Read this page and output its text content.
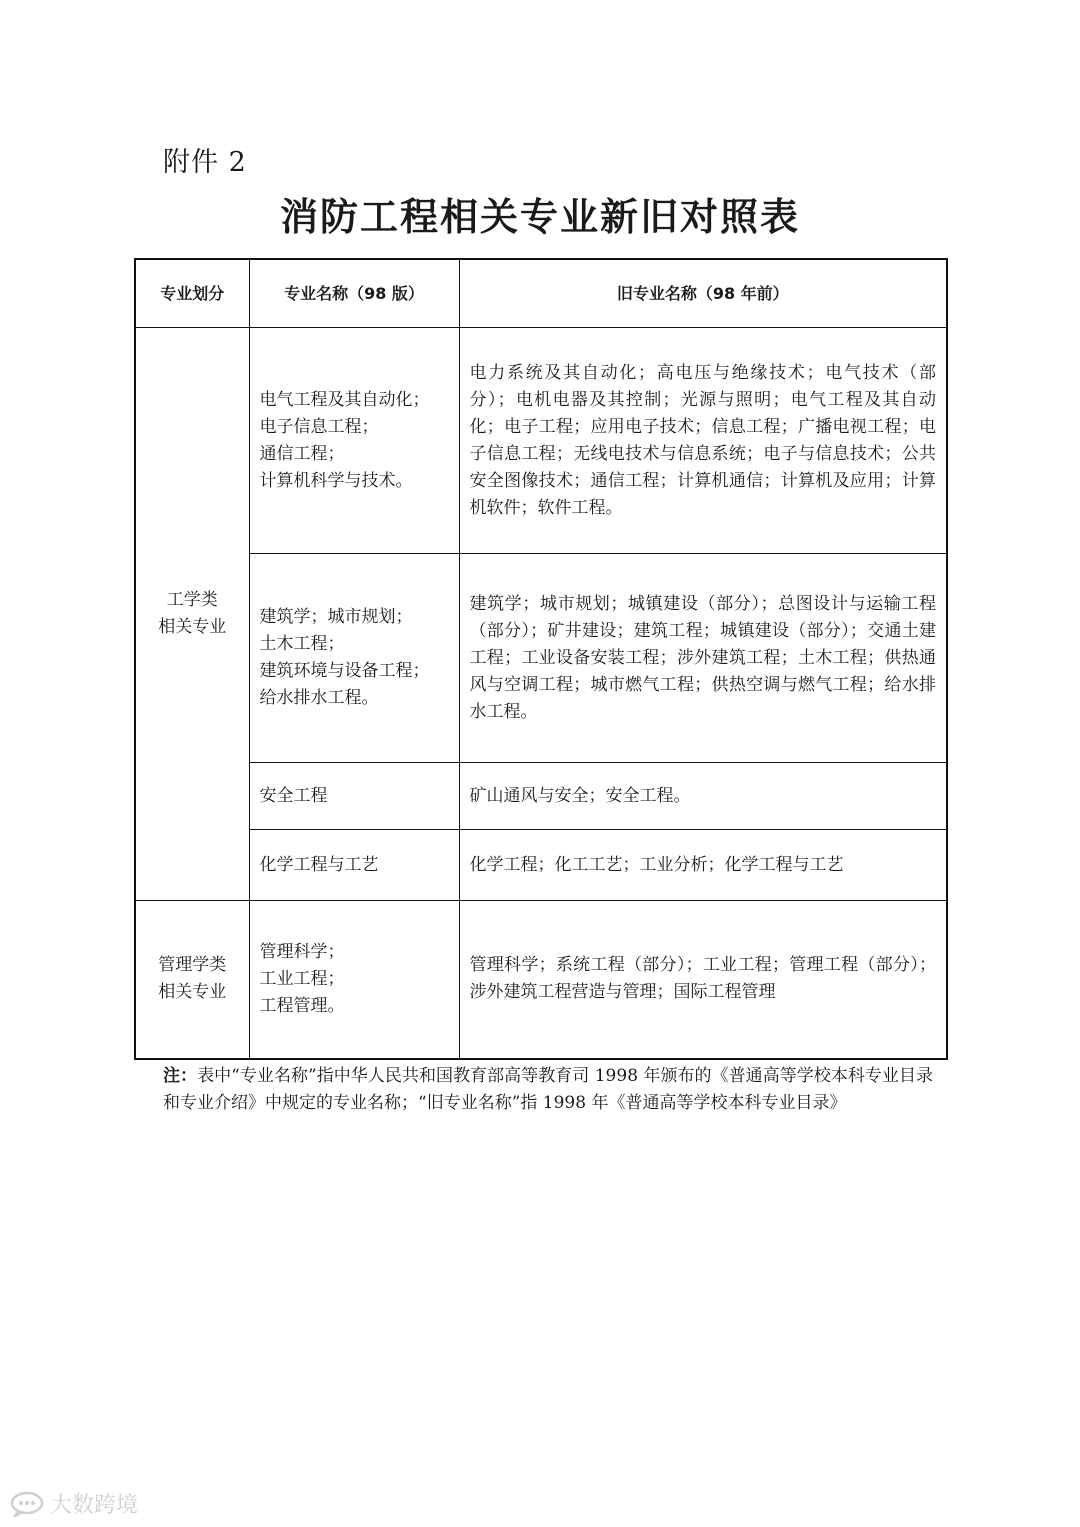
附件 2
消防工程相关专业新旧对照表
专业划分	专业名称（98 版）	旧专业名称（98 年前）

工学类
相关专业	电气工程及其自动化；
电子信息工程；
通信工程；
计算机科学与技术。	电力系统及其自动化；高电压与绝缘技术；电气技术（部分）；电机电器及其控制；光源与照明；电气工程及其自动化；电子工程；应用电子技术；信息工程；广播电视工程；电子信息工程；无线电技术与信息系统；电子与信息技术；公共安全图像技术；通信工程；计算机通信；计算机及应用；计算机软件；软件工程。

	建筑学；城市规划；
土木工程；
建筑环境与设备工程；
给水排水工程。	建筑学；城市规划；城镇建设（部分）；总图设计与运输工程（部分）；矿井建设；建筑工程；城镇建设（部分）；交通土建工程；工业设备安装工程；涉外建筑工程；土木工程；供热通风与空调工程；城市燃气工程；供热空调与燃气工程；给水排水工程。
	安全工程	矿山通风与安全；安全工程。
	化学工程与工艺	化学工程；化工工艺；工业分析；化学工程与工艺

管理学类
相关专业	管理科学；
工业工程；
工程管理。	管理科学；系统工程（部分）；工业工程；管理工程（部分）；涉外建筑工程营造与管理；国际工程管理
注：表中“专业名称”指中华人民共和国教育部高等教育司 1998 年颁布的《普通高等学校本科专业目录和专业介绍》中规定的专业名称；“旧专业名称”指 1998 年《普通高等学校本科专业目录》
大数跨境
